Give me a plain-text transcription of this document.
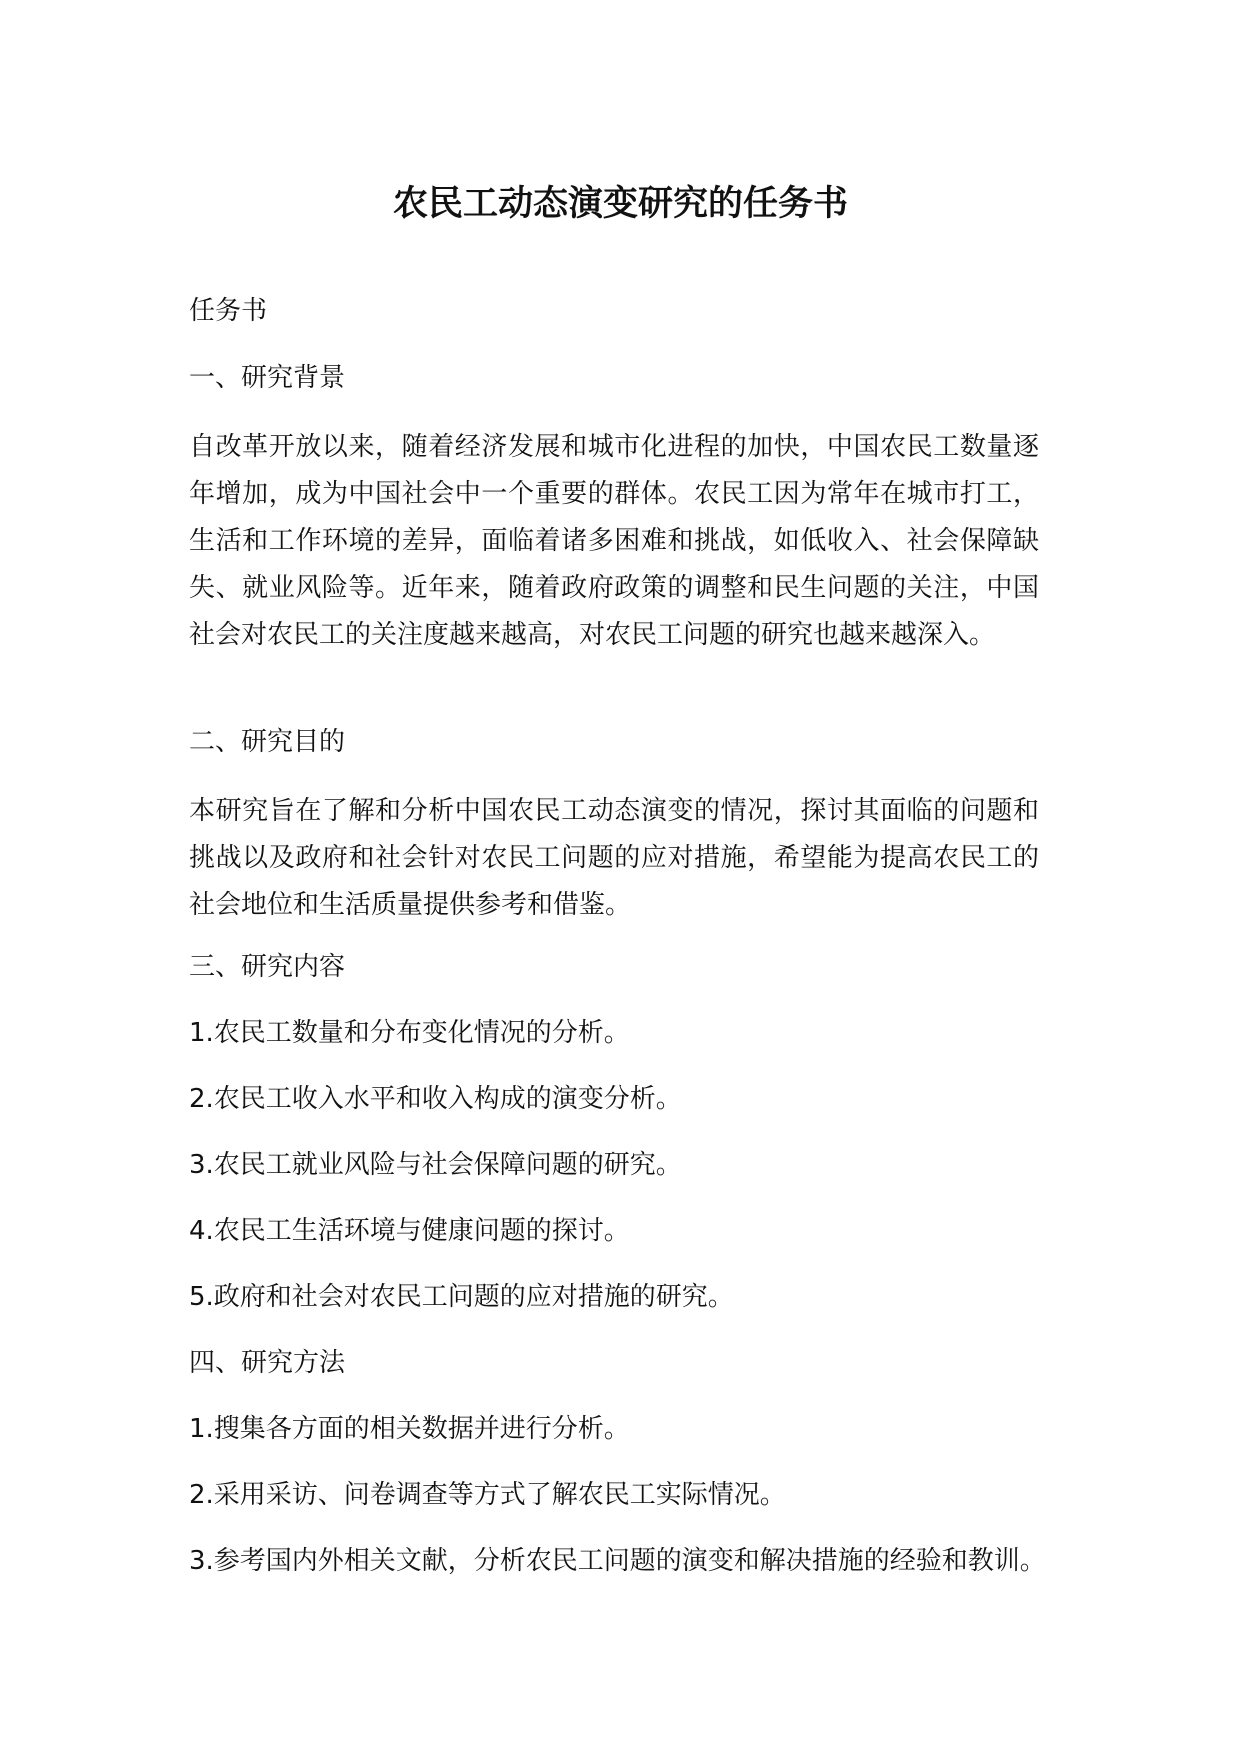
农民工动态演变研究的任务书

任务书

一、研究背景

自改革开放以来，随着经济发展和城市化进程的加快，中国农民工数量逐年增加，成为中国社会中一个重要的群体。农民工因为常年在城市打工，生活和工作环境的差异，面临着诸多困难和挑战，如低收入、社会保障缺失、就业风险等。近年来，随着政府政策的调整和民生问题的关注，中国社会对农民工的关注度越来越高，对农民工问题的研究也越来越深入。

二、研究目的

本研究旨在了解和分析中国农民工动态演变的情况，探讨其面临的问题和挑战以及政府和社会针对农民工问题的应对措施，希望能为提高农民工的社会地位和生活质量提供参考和借鉴。

三、研究内容

1.农民工数量和分布变化情况的分析。

2.农民工收入水平和收入构成的演变分析。

3.农民工就业风险与社会保障问题的研究。

4.农民工生活环境与健康问题的探讨。

5.政府和社会对农民工问题的应对措施的研究。

四、研究方法

1.搜集各方面的相关数据并进行分析。

2.采用采访、问卷调查等方式了解农民工实际情况。

3.参考国内外相关文献，分析农民工问题的演变和解决措施的经验和教训。
